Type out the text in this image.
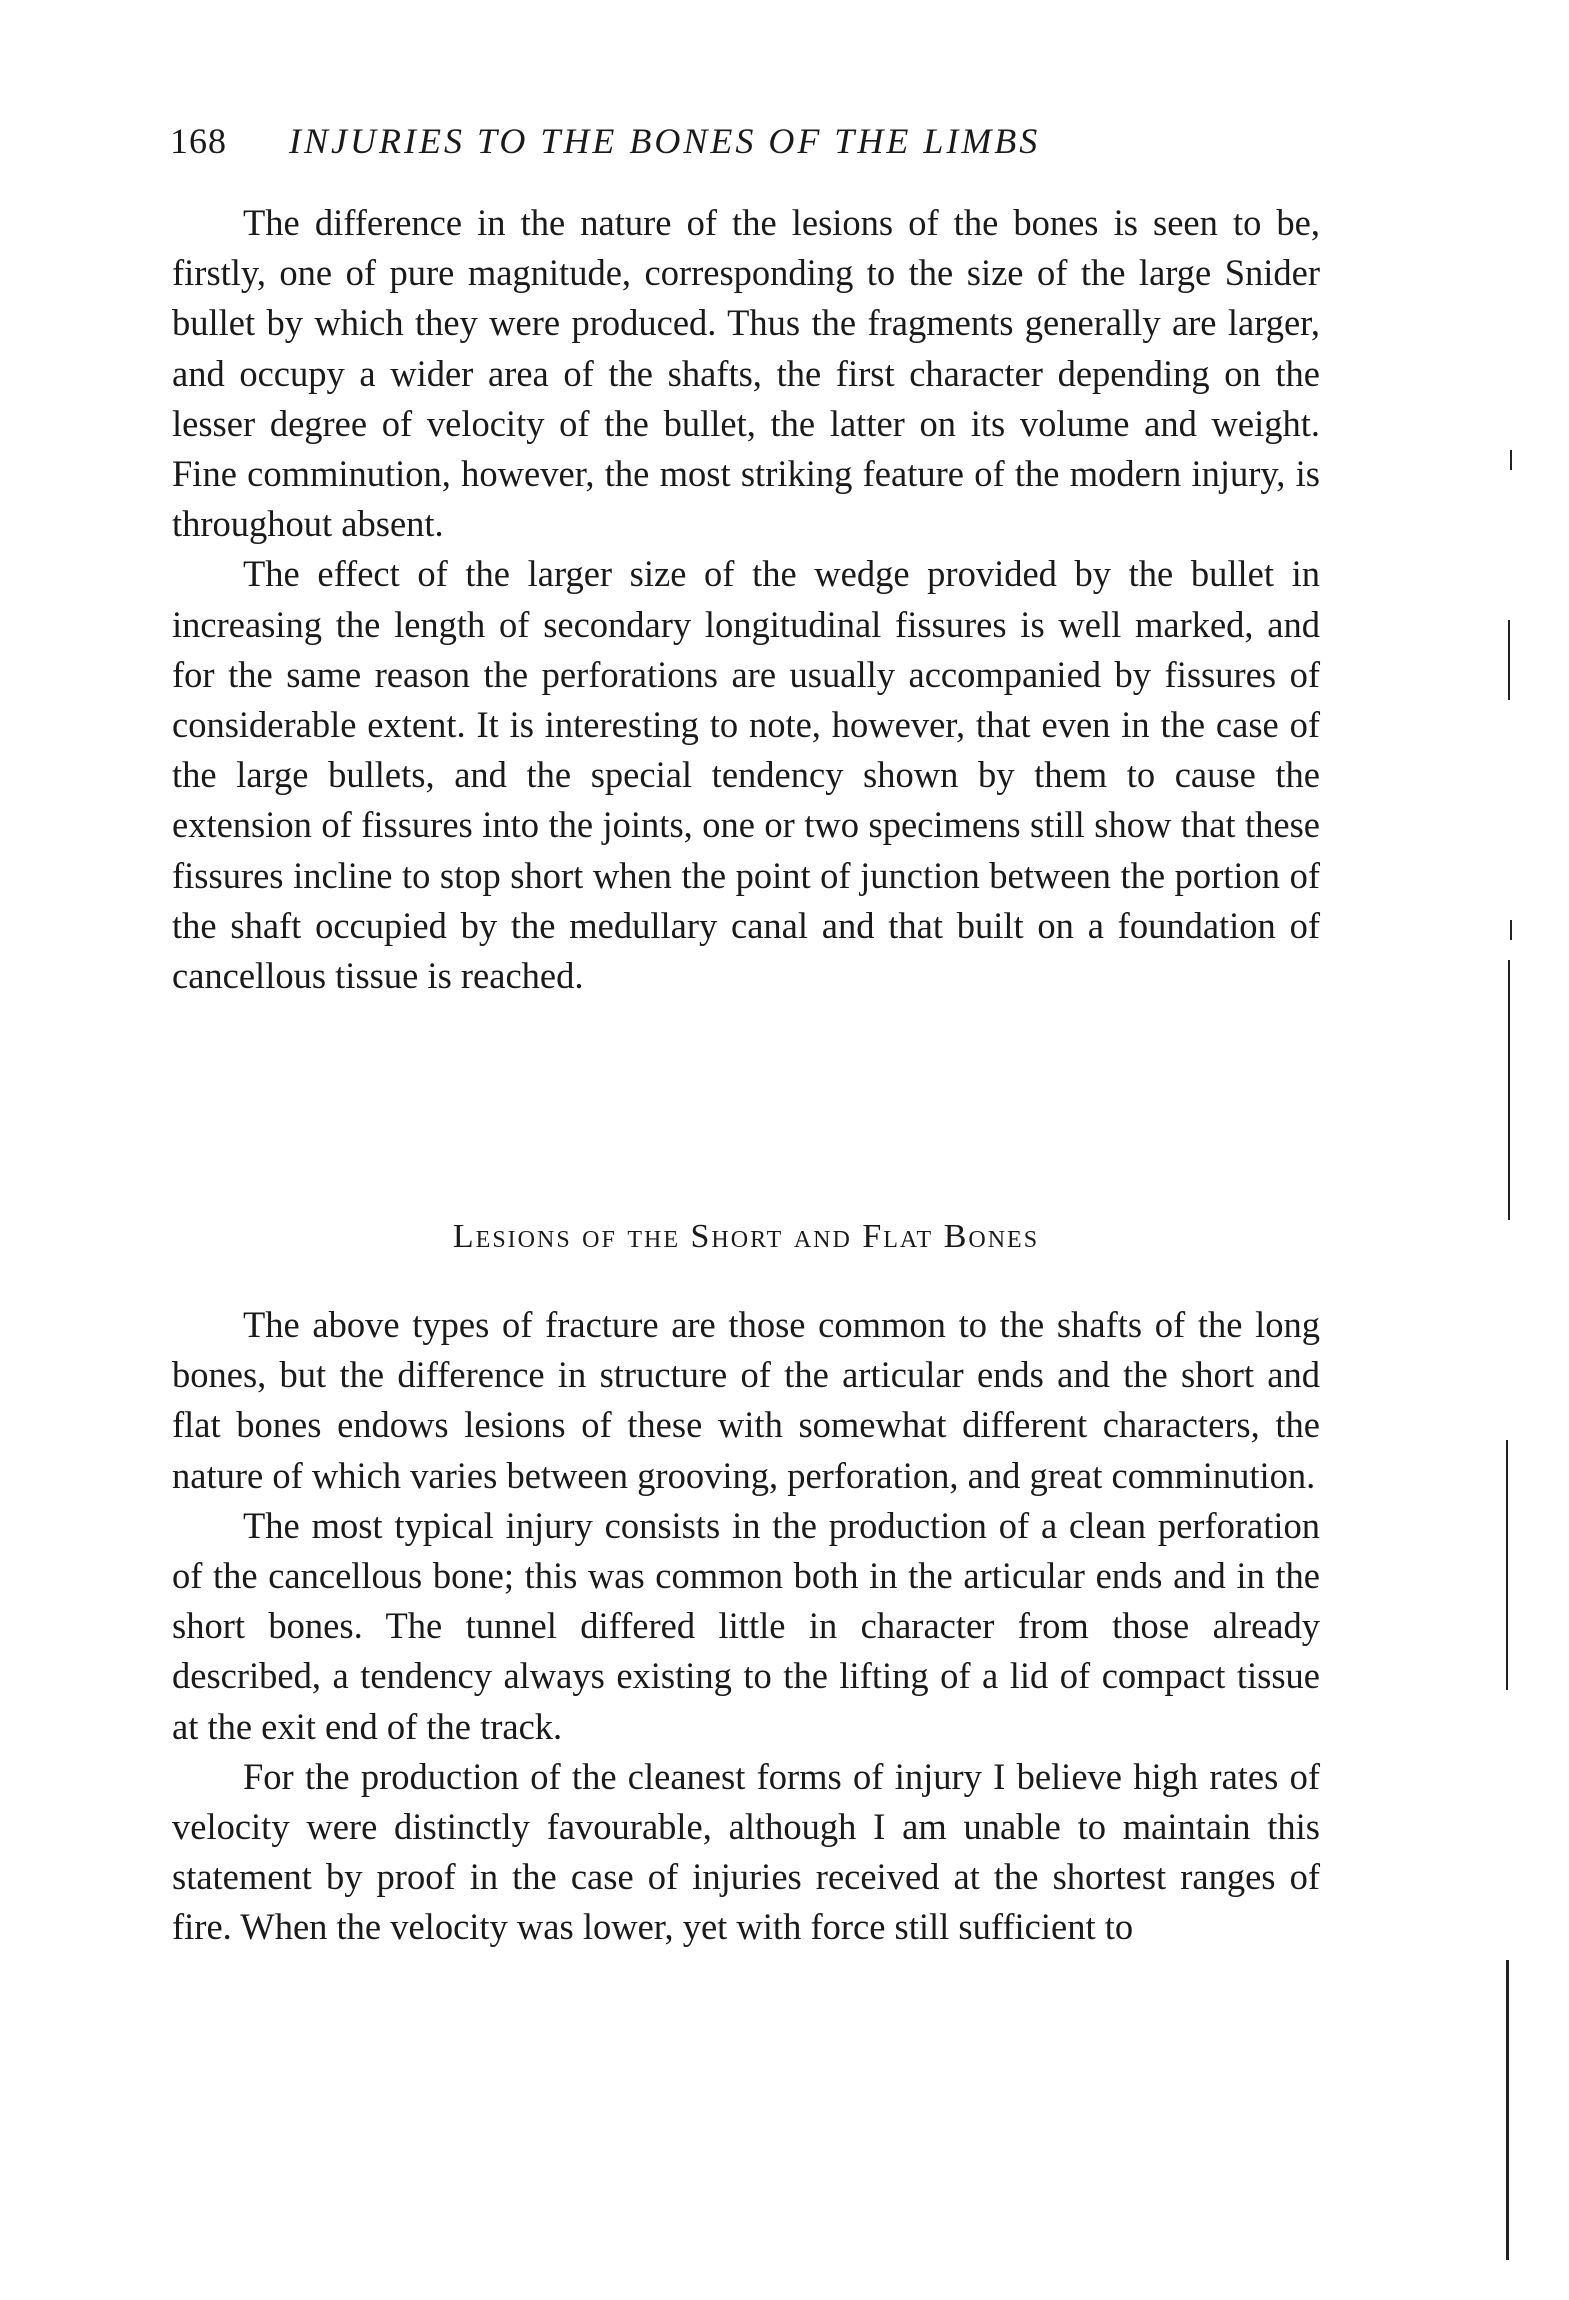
168 INJURIES TO THE BONES OF THE LIMBS

The difference in the nature of the lesions of the bones is seen to be, firstly, one of pure magnitude, corresponding to the size of the large Snider bullet by which they were produced. Thus the fragments generally are larger, and occupy a wider area of the shafts, the first character depending on the lesser degree of velocity of the bullet, the latter on its volume and weight. Fine comminution, however, the most striking feature of the modern injury, is throughout absent.

The effect of the larger size of the wedge provided by the bullet in increasing the length of secondary longitudinal fissures is well marked, and for the same reason the perforations are usually accompanied by fissures of considerable extent. It is interesting to note, however, that even in the case of the large bullets, and the special tendency shown by them to cause the extension of fissures into the joints, one or two specimens still show that these fissures incline to stop short when the point of junction between the portion of the shaft occupied by the medullary canal and that built on a foundation of cancellous tissue is reached.

Lesions of the Short and Flat Bones

The above types of fracture are those common to the shafts of the long bones, but the difference in structure of the articular ends and the short and flat bones endows lesions of these with somewhat different characters, the nature of which varies between grooving, perforation, and great comminution.

The most typical injury consists in the production of a clean perforation of the cancellous bone; this was common both in the articular ends and in the short bones. The tunnel differed little in character from those already described, a tendency always existing to the lifting of a lid of compact tissue at the exit end of the track.

For the production of the cleanest forms of injury I believe high rates of velocity were distinctly favourable, although I am unable to maintain this statement by proof in the case of injuries received at the shortest ranges of fire. When the velocity was lower, yet with force still sufficient to
